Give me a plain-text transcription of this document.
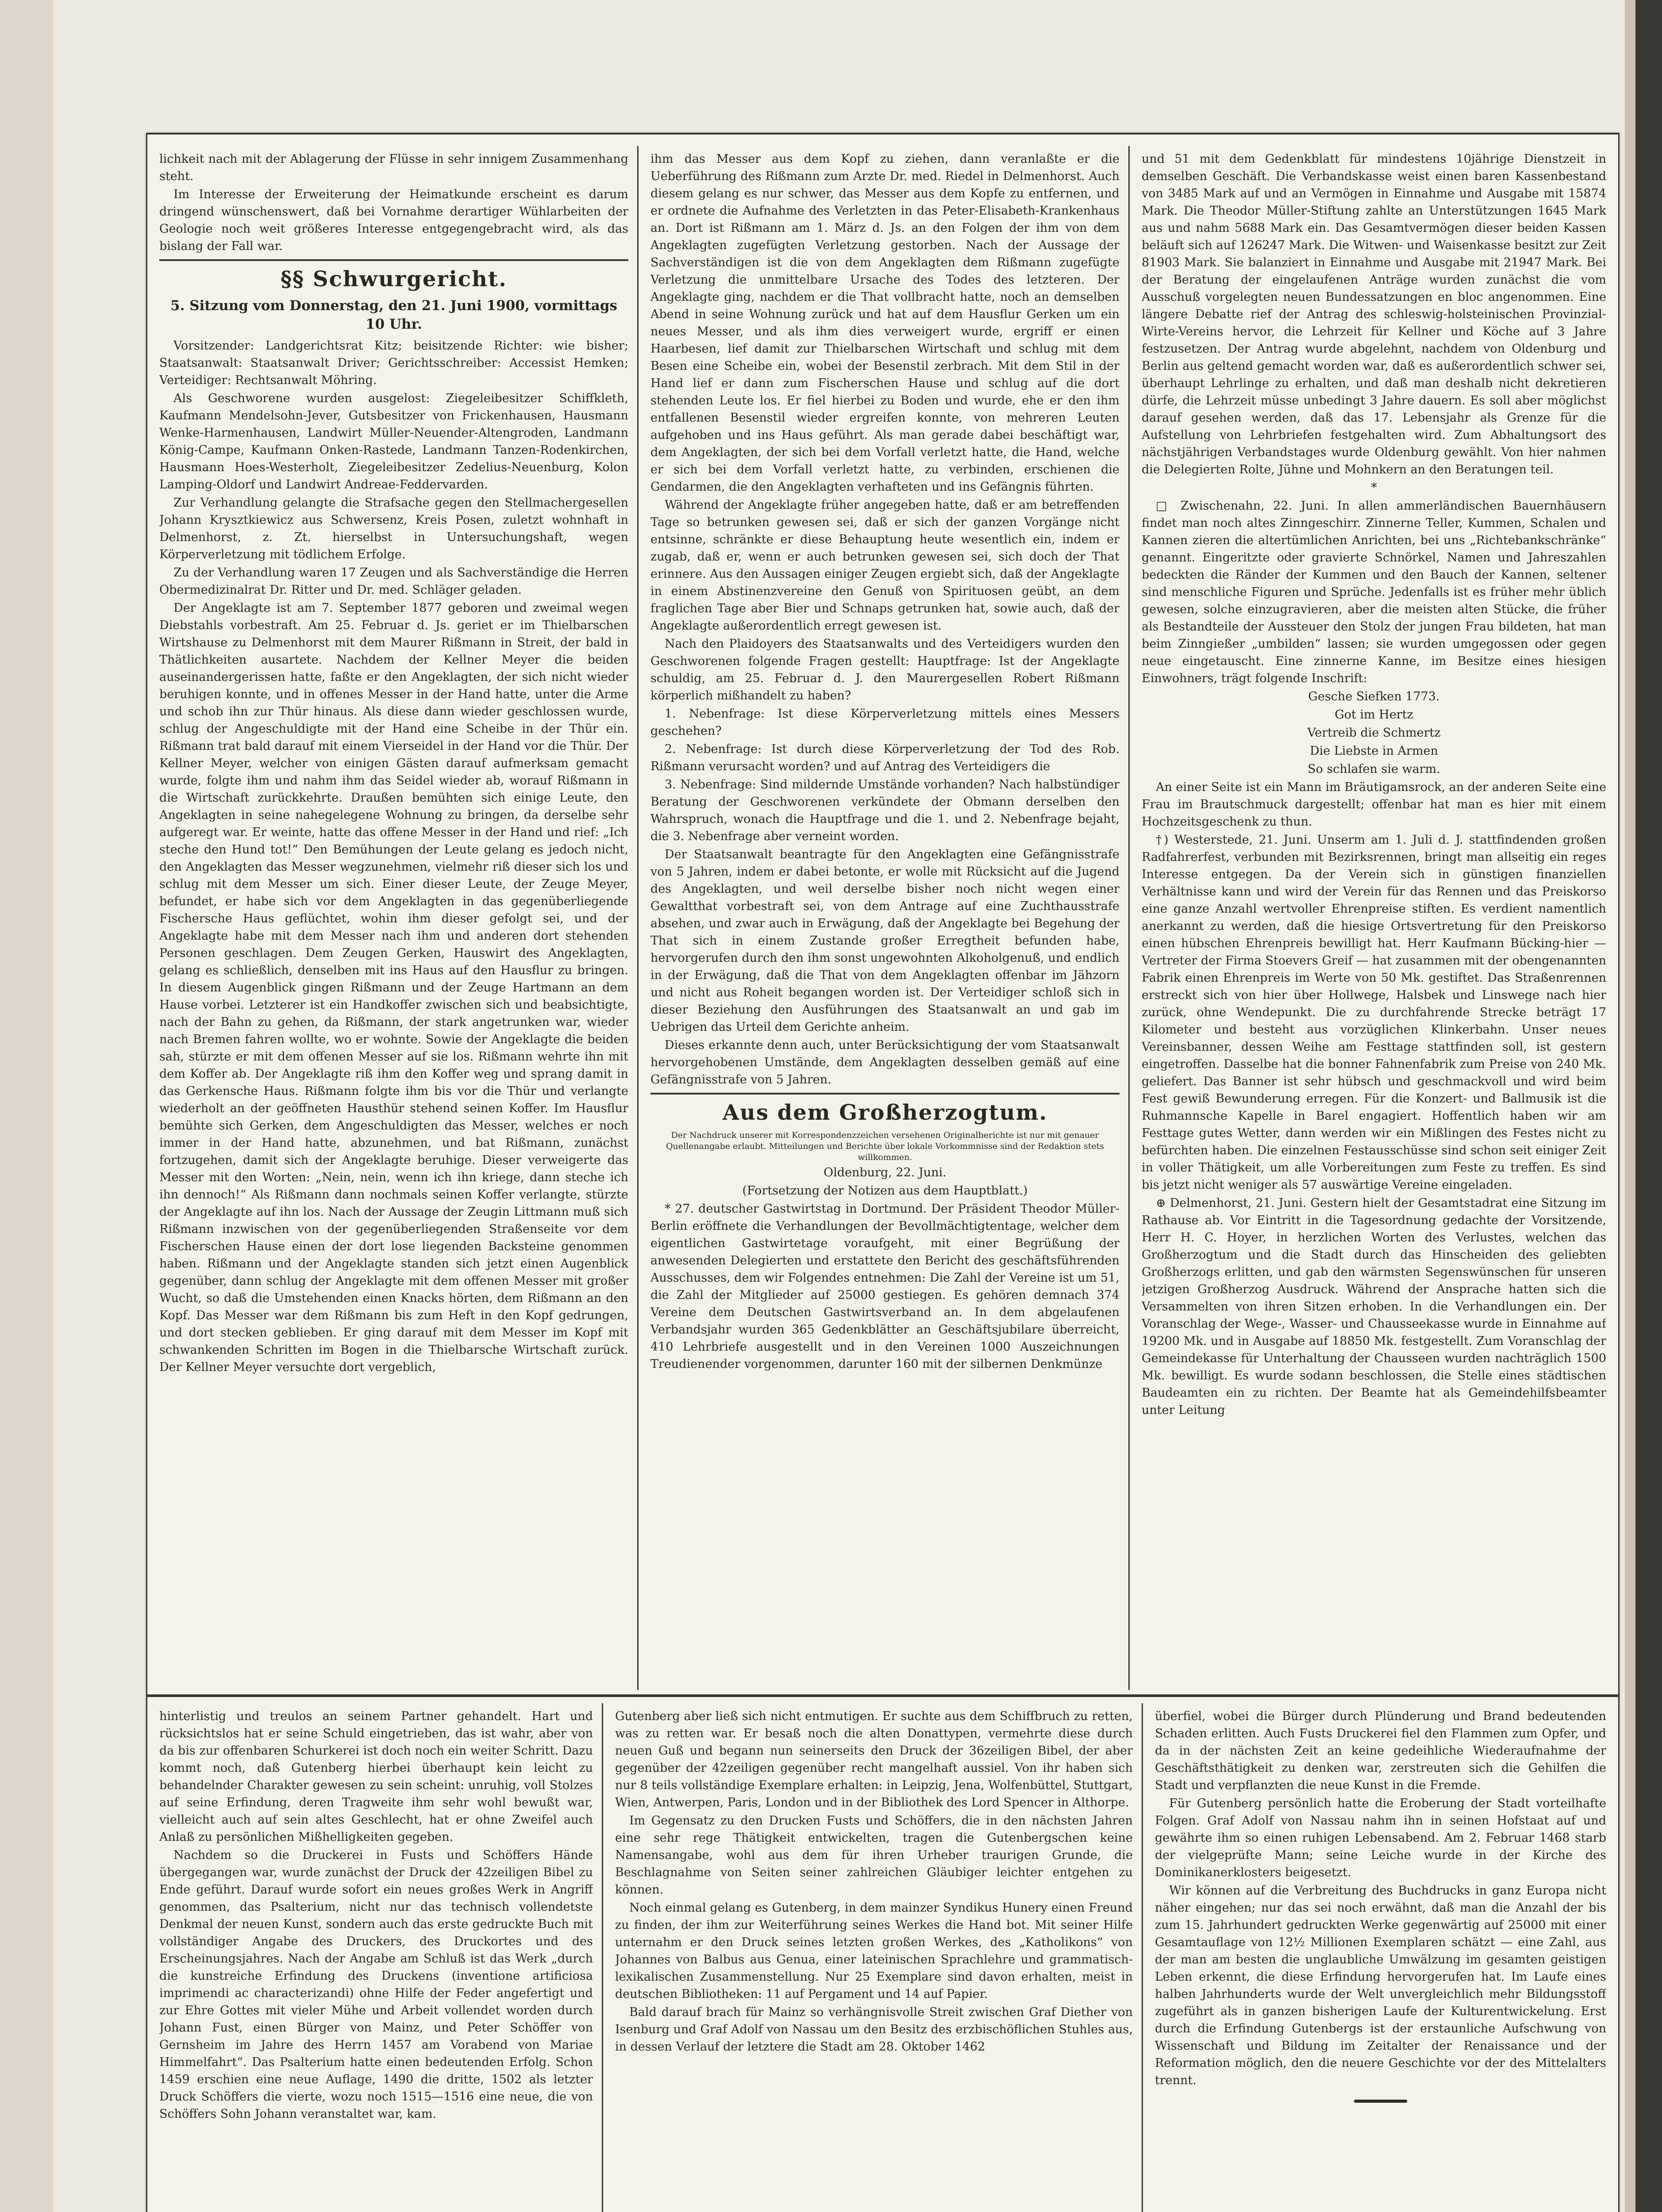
lichkeit nach mit der Ablagerung der Flüsse in sehr innigem Zusammenhang steht.

Im Interesse der Erweiterung der Heimatkunde erscheint es darum dringend wünschenswert, daß bei Vornahme derartiger Wühlarbeiten der Geologie noch weit größeres Interesse entgegengebracht wird, als das bislang der Fall war.

§§ Schwurgericht.
5. Sitzung vom Donnerstag, den 21. Juni 1900, vormittags 10 Uhr.

Vorsitzender: Landgerichtsrat Kitz; beisitzende Richter: wie bisher; Staatsanwalt: Staatsanwalt Driver; Gerichtsschreiber: Accessist Hemken; Verteidiger: Rechtsanwalt Möhring.

Als Geschworene wurden ausgelost: Ziegeleibesitzer Schiffkleth, Kaufmann Mendelsohn-Jever, Gutsbesitzer von Frickenhausen, Hausmann Wenke-Harmenhausen, Landwirt Müller-Neuender-Altengroden, Landmann König-Campe, Kaufmann Onken-Rastede, Landmann Tanzen-Rodenkirchen, Hausmann Hoes-Westerholt, Ziegeleibesitzer Zedelius-Neuenburg, Kolon Lamping-Oldorf und Landwirt Andreae-Feddervarden.

Zur Verhandlung gelangte die Strafsache gegen den Stellmachergesellen Johann Krysztkiewicz aus Schwersenz, Kreis Posen, zuletzt wohnhaft in Delmenhorst, z. Zt. hierselbst in Untersuchungshaft, wegen Körperverletzung mit tödlichem Erfolge.

Zu der Verhandlung waren 17 Zeugen und als Sachverständige die Herren Obermedizinalrat Dr. Ritter und Dr. med. Schläger geladen.

Der Angeklagte ist am 7. September 1877 geboren und zweimal wegen Diebstahls vorbestraft. Am 25. Februar d. Js. geriet er im Thielbarschen Wirtshause zu Delmenhorst mit dem Maurer Rißmann in Streit, der bald in Thätlichkeiten ausartete. Nachdem der Kellner Meyer die beiden auseinandergerissen hatte, faßte er den Angeklagten, der sich nicht wieder beruhigen konnte, und in offenes Messer in der Hand hatte, unter die Arme und schob ihn zur Thür hinaus. Als diese dann wieder geschlossen wurde, schlug der Angeschuldigte mit der Hand eine Scheibe in der Thür ein. Rißmann trat bald darauf mit einem Vierseidel in der Hand vor die Thür. Der Kellner Meyer, welcher von einigen Gästen darauf aufmerksam gemacht wurde, folgte ihm und nahm ihm das Seidel wieder ab, worauf Rißmann in die Wirtschaft zurückkehrte. Draußen bemühten sich einige Leute, den Angeklagten in seine nahegelegene Wohnung zu bringen, da derselbe sehr aufgeregt war. Er weinte, hatte das offene Messer in der Hand und rief: „Ich steche den Hund tot!“ Den Bemühungen der Leute gelang es jedoch nicht, den Angeklagten das Messer wegzunehmen, vielmehr riß dieser sich los und schlug mit dem Messer um sich. Einer dieser Leute, der Zeuge Meyer, befundet, er habe sich vor dem Angeklagten in das gegenüberliegende Fischersche Haus geflüchtet, wohin ihm dieser gefolgt sei, und der Angeklagte habe mit dem Messer nach ihm und anderen dort stehenden Personen geschlagen. Dem Zeugen Gerken, Hauswirt des Angeklagten, gelang es schließlich, denselben mit ins Haus auf den Hausflur zu bringen. In diesem Augenblick gingen Rißmann und der Zeuge Hartmann an dem Hause vorbei. Letzterer ist ein Handkoffer zwischen sich und beabsichtigte, nach der Bahn zu gehen, da Rißmann, der stark angetrunken war, wieder nach Bremen fahren wollte, wo er wohnte. Sowie der Angeklagte die beiden sah, stürzte er mit dem offenen Messer auf sie los. Rißmann wehrte ihn mit dem Koffer ab. Der Angeklagte riß ihm den Koffer weg und sprang damit in das Gerkensche Haus. Rißmann folgte ihm bis vor die Thür und verlangte wiederholt an der geöffneten Hausthür stehend seinen Koffer. Im Hausflur bemühte sich Gerken, dem Angeschuldigten das Messer, welches er noch immer in der Hand hatte, abzunehmen, und bat Rißmann, zunächst fortzugehen, damit sich der Angeklagte beruhige. Dieser verweigerte das Messer mit den Worten: „Nein, nein, wenn ich ihn kriege, dann steche ich ihn dennoch!“ Als Rißmann dann nochmals seinen Koffer verlangte, stürzte der Angeklagte auf ihn los. Nach der Aussage der Zeugin Littmann muß sich Rißmann inzwischen von der gegenüberliegenden Straßenseite vor dem Fischerschen Hause einen der dort lose liegenden Backsteine genommen haben. Rißmann und der Angeklagte standen sich jetzt einen Augenblick gegenüber, dann schlug der Angeklagte mit dem offenen Messer mit großer Wucht, so daß die Umstehenden einen Knacks hörten, dem Rißmann an den Kopf. Das Messer war dem Rißmann bis zum Heft in den Kopf gedrungen, und dort stecken geblieben. Er ging darauf mit dem Messer im Kopf mit schwankenden Schritten im Bogen in die Thielbarsche Wirtschaft zurück. Der Kellner Meyer versuchte dort vergeblich,

ihm das Messer aus dem Kopf zu ziehen, dann veranlaßte er die Ueberführung des Rißmann zum Arzte Dr. med. Riedel in Delmenhorst. Auch diesem gelang es nur schwer, das Messer aus dem Kopfe zu entfernen, und er ordnete die Aufnahme des Verletzten in das Peter-Elisabeth-Krankenhaus an. Dort ist Rißmann am 1. März d. Js. an den Folgen der ihm von dem Angeklagten zugefügten Verletzung gestorben. Nach der Aussage der Sachverständigen ist die von dem Angeklagten dem Rißmann zugefügte Verletzung die unmittelbare Ursache des Todes des letzteren. Der Angeklagte ging, nachdem er die That vollbracht hatte, noch an demselben Abend in seine Wohnung zurück und hat auf dem Hausflur Gerken um ein neues Messer, und als ihm dies verweigert wurde, ergriff er einen Haarbesen, lief damit zur Thielbarschen Wirtschaft und schlug mit dem Besen eine Scheibe ein, wobei der Besenstil zerbrach. Mit dem Stil in der Hand lief er dann zum Fischerschen Hause und schlug auf die dort stehenden Leute los. Er fiel hierbei zu Boden und wurde, ehe er den ihm entfallenen Besenstil wieder ergreifen konnte, von mehreren Leuten aufgehoben und ins Haus geführt. Als man gerade dabei beschäftigt war, dem Angeklagten, der sich bei dem Vorfall verletzt hatte, die Hand, welche er sich bei dem Vorfall verletzt hatte, zu verbinden, erschienen die Gendarmen, die den Angeklagten verhafteten und ins Gefängnis führten.

Während der Angeklagte früher angegeben hatte, daß er am betreffenden Tage so betrunken gewesen sei, daß er sich der ganzen Vorgänge nicht entsinne, schränkte er diese Behauptung heute wesentlich ein, indem er zugab, daß er, wenn er auch betrunken gewesen sei, sich doch der That erinnere. Aus den Aussagen einiger Zeugen ergiebt sich, daß der Angeklagte in einem Abstinenzvereine den Genuß von Spirituosen geübt, an dem fraglichen Tage aber Bier und Schnaps getrunken hat, sowie auch, daß der Angeklagte außerordentlich erregt gewesen ist.

Nach den Plaidoyers des Staatsanwalts und des Verteidigers wurden den Geschworenen folgende Fragen gestellt: Hauptfrage: Ist der Angeklagte schuldig, am 25. Februar d. J. den Maurergesellen Robert Rißmann körperlich mißhandelt zu haben?

1. Nebenfrage: Ist diese Körperverletzung mittels eines Messers geschehen?

2. Nebenfrage: Ist durch diese Körperverletzung der Tod des Rob. Rißmann verursacht worden? und auf Antrag des Verteidigers die

3. Nebenfrage: Sind mildernde Umstände vorhanden? Nach halbstündiger Beratung der Geschworenen verkündete der Obmann derselben den Wahrspruch, wonach die Hauptfrage und die 1. und 2. Nebenfrage bejaht, die 3. Nebenfrage aber verneint worden.

Der Staatsanwalt beantragte für den Angeklagten eine Gefängnisstrafe von 5 Jahren, indem er dabei betonte, er wolle mit Rücksicht auf die Jugend des Angeklagten, und weil derselbe bisher noch nicht wegen einer Gewaltthat vorbestraft sei, von dem Antrage auf eine Zuchthausstrafe absehen, und zwar auch in Erwägung, daß der Angeklagte bei Begehung der That sich in einem Zustande großer Erregtheit befunden habe, hervorgerufen durch den ihm sonst ungewohnten Alkoholgenuß, und endlich in der Erwägung, daß die That von dem Angeklagten offenbar im Jähzorn und nicht aus Roheit begangen worden ist. Der Verteidiger schloß sich in dieser Beziehung den Ausführungen des Staatsanwalt an und gab im Uebrigen das Urteil dem Gerichte anheim.

Dieses erkannte denn auch, unter Berücksichtigung der vom Staatsanwalt hervorgehobenen Umstände, dem Angeklagten desselben gemäß auf eine Gefängnisstrafe von 5 Jahren.

Aus dem Großherzogtum.

Der Nachdruck unserer mit Korrespondenzzeichen versehenen Originalberichte ist nur mit genauer Quellenangabe erlaubt. Mitteilungen und Berichte über lokale Vorkommnisse sind der Redaktion stets willkommen.

Oldenburg, 22. Juni.

(Fortsetzung der Notizen aus dem Hauptblatt.)

* 27. deutscher Gastwirtstag in Dortmund. Der Präsident Theodor Müller-Berlin eröffnete die Verhandlungen der Bevollmächtigtentage, welcher dem eigentlichen Gastwirtetage voraufgeht, mit einer Begrüßung der anwesenden Delegierten und erstattete den Bericht des geschäftsführenden Ausschusses, dem wir Folgendes entnehmen: Die Zahl der Vereine ist um 51, die Zahl der Mitglieder auf 25000 gestiegen. Es gehören demnach 374 Vereine dem Deutschen Gastwirtsverband an. In dem abgelaufenen Verbandsjahr wurden 365 Gedenkblätter an Geschäftsjubilare überreicht, 410 Lehrbriefe ausgestellt und in den Vereinen 1000 Auszeichnungen Treudienender vorgenommen, darunter 160 mit der silbernen Denkmünze

und 51 mit dem Gedenkblatt für mindestens 10jährige Dienstzeit in demselben Geschäft. Die Verbandskasse weist einen baren Kassenbestand von 3485 Mark auf und an Vermögen in Einnahme und Ausgabe mit 15874 Mark. Die Theodor Müller-Stiftung zahlte an Unterstützungen 1645 Mark aus und nahm 5688 Mark ein. Das Gesamtvermögen dieser beiden Kassen beläuft sich auf 126247 Mark. Die Witwen- und Waisenkasse besitzt zur Zeit 81903 Mark. Sie balanziert in Einnahme und Ausgabe mit 21947 Mark. Bei der Beratung der eingelaufenen Anträge wurden zunächst die vom Ausschuß vorgelegten neuen Bundessatzungen en bloc angenommen. Eine längere Debatte rief der Antrag des schleswig-holsteinischen Provinzial-Wirte-Vereins hervor, die Lehrzeit für Kellner und Köche auf 3 Jahre festzusetzen. Der Antrag wurde abgelehnt, nachdem von Oldenburg und Berlin aus geltend gemacht worden war, daß es außerordentlich schwer sei, überhaupt Lehrlinge zu erhalten, und daß man deshalb nicht dekretieren dürfe, die Lehrzeit müsse unbedingt 3 Jahre dauern. Es soll aber möglichst darauf gesehen werden, daß das 17. Lebensjahr als Grenze für die Aufstellung von Lehrbriefen festgehalten wird. Zum Abhaltungsort des nächstjährigen Verbandstages wurde Oldenburg gewählt. Von hier nahmen die Delegierten Rolte, Jühne und Mohnkern an den Beratungen teil.

*

□ Zwischenahn, 22. Juni. In allen ammerländischen Bauernhäusern findet man noch altes Zinngeschirr. Zinnerne Teller, Kummen, Schalen und Kannen zieren die altertümlichen Anrichten, bei uns „Richtebankschränke“ genannt. Eingeritzte oder gravierte Schnörkel, Namen und Jahreszahlen bedeckten die Ränder der Kummen und den Bauch der Kannen, seltener sind menschliche Figuren und Sprüche. Jedenfalls ist es früher mehr üblich gewesen, solche einzugravieren, aber die meisten alten Stücke, die früher als Bestandteile der Aussteuer den Stolz der jungen Frau bildeten, hat man beim Zinngießer „umbilden“ lassen; sie wurden umgegossen oder gegen neue eingetauscht. Eine zinnerne Kanne, im Besitze eines hiesigen Einwohners, trägt folgende Inschrift:

Gesche Siefken 1773.

Got im Hertz

Vertreib die Schmertz

Die Liebste in Armen

So schlafen sie warm.

An einer Seite ist ein Mann im Bräutigamsrock, an der anderen Seite eine Frau im Brautschmuck dargestellt; offenbar hat man es hier mit einem Hochzeitsgeschenk zu thun.

†) Westerstede, 21. Juni. Unserm am 1. Juli d. J. stattfindenden großen Radfahrerfest, verbunden mit Bezirksrennen, bringt man allseitig ein reges Interesse entgegen. Da der Verein sich in günstigen finanziellen Verhältnisse kann und wird der Verein für das Rennen und das Preiskorso eine ganze Anzahl wertvoller Ehrenpreise stiften. Es verdient namentlich anerkannt zu werden, daß die hiesige Ortsvertretung für den Preiskorso einen hübschen Ehrenpreis bewilligt hat. Herr Kaufmann Bücking-hier — Vertreter der Firma Stoevers Greif — hat zusammen mit der obengenannten Fabrik einen Ehrenpreis im Werte von 50 Mk. gestiftet. Das Straßenrennen erstreckt sich von hier über Hollwege, Halsbek und Linswege nach hier zurück, ohne Wendepunkt. Die zu durchfahrende Strecke beträgt 17 Kilometer und besteht aus vorzüglichen Klinkerbahn. Unser neues Vereinsbanner, dessen Weihe am Festtage stattfinden soll, ist gestern eingetroffen. Dasselbe hat die bonner Fahnenfabrik zum Preise von 240 Mk. geliefert. Das Banner ist sehr hübsch und geschmackvoll und wird beim Fest gewiß Bewunderung erregen. Für die Konzert- und Ballmusik ist die Ruhmannsche Kapelle in Barel engagiert. Hoffentlich haben wir am Festtage gutes Wetter, dann werden wir ein Mißlingen des Festes nicht zu befürchten haben. Die einzelnen Festausschüsse sind schon seit einiger Zeit in voller Thätigkeit, um alle Vorbereitungen zum Feste zu treffen. Es sind bis jetzt nicht weniger als 57 auswärtige Vereine eingeladen.

⊕ Delmenhorst, 21. Juni. Gestern hielt der Gesamtstadrat eine Sitzung im Rathause ab. Vor Eintritt in die Tagesordnung gedachte der Vorsitzende, Herr H. C. Hoyer, in herzlichen Worten des Verlustes, welchen das Großherzogtum und die Stadt durch das Hinscheiden des geliebten Großherzogs erlitten, und gab den wärmsten Segenswünschen für unseren jetzigen Großherzog Ausdruck. Während der Ansprache hatten sich die Versammelten von ihren Sitzen erhoben. In die Verhandlungen ein. Der Voranschlag der Wege-, Wasser- und Chausseekasse wurde in Einnahme auf 19200 Mk. und in Ausgabe auf 18850 Mk. festgestellt. Zum Voranschlag der Gemeindekasse für Unterhaltung der Chausseen wurden nachträglich 1500 Mk. bewilligt. Es wurde sodann beschlossen, die Stelle eines städtischen Baudeamten ein zu richten. Der Beamte hat als Gemeindehilfsbeamter unter Leitung

hinterlistig und treulos an seinem Partner gehandelt. Hart und rücksichtslos hat er seine Schuld eingetrieben, das ist wahr, aber von da bis zur offenbaren Schurkerei ist doch noch ein weiter Schritt. Dazu kommt noch, daß Gutenberg hierbei überhaupt kein leicht zu behandelnder Charakter gewesen zu sein scheint: unruhig, voll Stolzes auf seine Erfindung, deren Tragweite ihm sehr wohl bewußt war, vielleicht auch auf sein altes Geschlecht, hat er ohne Zweifel auch Anlaß zu persönlichen Mißhelligkeiten gegeben.

Nachdem so die Druckerei in Fusts und Schöffers Hände übergegangen war, wurde zunächst der Druck der 42zeiligen Bibel zu Ende geführt. Darauf wurde sofort ein neues großes Werk in Angriff genommen, das Psalterium, nicht nur das technisch vollendetste Denkmal der neuen Kunst, sondern auch das erste gedruckte Buch mit vollständiger Angabe des Druckers, des Druckortes und des Erscheinungsjahres. Nach der Angabe am Schluß ist das Werk „durch die kunstreiche Erfindung des Druckens (inventione artificiosa imprimendi ac characterizandi) ohne Hilfe der Feder angefertigt und zur Ehre Gottes mit vieler Mühe und Arbeit vollendet worden durch Johann Fust, einen Bürger von Mainz, und Peter Schöffer von Gernsheim im Jahre des Herrn 1457 am Vorabend von Mariae Himmelfahrt“. Das Psalterium hatte einen bedeutenden Erfolg. Schon 1459 erschien eine neue Auflage, 1490 die dritte, 1502 als letzter Druck Schöffers die vierte, wozu noch 1515—1516 eine neue, die von Schöffers Sohn Johann veranstaltet war, kam.

Gutenberg aber ließ sich nicht entmutigen. Er suchte aus dem Schiffbruch zu retten, was zu retten war. Er besaß noch die alten Donattypen, vermehrte diese durch neuen Guß und begann nun seinerseits den Druck der 36zeiligen Bibel, der aber gegenüber der 42zeiligen gegenüber recht mangelhaft aussiel. Von ihr haben sich nur 8 teils vollständige Exemplare erhalten: in Leipzig, Jena, Wolfenbüttel, Stuttgart, Wien, Antwerpen, Paris, London und in der Bibliothek des Lord Spencer in Althorpe.

Im Gegensatz zu den Drucken Fusts und Schöffers, die in den nächsten Jahren eine sehr rege Thätigkeit entwickelten, tragen die Gutenbergschen keine Namensangabe, wohl aus dem für ihren Urheber traurigen Grunde, die Beschlagnahme von Seiten seiner zahlreichen Gläubiger leichter entgehen zu können.

Noch einmal gelang es Gutenberg, in dem mainzer Syndikus Hunery einen Freund zu finden, der ihm zur Weiterführung seines Werkes die Hand bot. Mit seiner Hilfe unternahm er den Druck seines letzten großen Werkes, des „Katholikons“ von Johannes von Balbus aus Genua, einer lateinischen Sprachlehre und grammatisch-lexikalischen Zusammenstellung. Nur 25 Exemplare sind davon erhalten, meist in deutschen Bibliotheken: 11 auf Pergament und 14 auf Papier.

Bald darauf brach für Mainz so verhängnisvolle Streit zwischen Graf Diether von Isenburg und Graf Adolf von Nassau um den Besitz des erzbischöflichen Stuhles aus, in dessen Verlauf der letztere die Stadt am 28. Oktober 1462

überfiel, wobei die Bürger durch Plünderung und Brand bedeutenden Schaden erlitten. Auch Fusts Druckerei fiel den Flammen zum Opfer, und da in der nächsten Zeit an keine gedeihliche Wiederaufnahme der Geschäftsthätigkeit zu denken war, zerstreuten sich die Gehilfen die Stadt und verpflanzten die neue Kunst in die Fremde.

Für Gutenberg persönlich hatte die Eroberung der Stadt vorteilhafte Folgen. Graf Adolf von Nassau nahm ihn in seinen Hofstaat auf und gewährte ihm so einen ruhigen Lebensabend. Am 2. Februar 1468 starb der vielgeprüfte Mann; seine Leiche wurde in der Kirche des Dominikanerklosters beigesetzt.

Wir können auf die Verbreitung des Buchdrucks in ganz Europa nicht näher eingehen; nur das sei noch erwähnt, daß man die Anzahl der bis zum 15. Jahrhundert gedruckten Werke gegenwärtig auf 25000 mit einer Gesamtauflage von 12½ Millionen Exemplaren schätzt — eine Zahl, aus der man am besten die unglaubliche Umwälzung im gesamten geistigen Leben erkennt, die diese Erfindung hervorgerufen hat. Im Laufe eines halben Jahrhunderts wurde der Welt unvergleichlich mehr Bildungsstoff zugeführt als in ganzen bisherigen Laufe der Kulturentwickelung. Erst durch die Erfindung Gutenbergs ist der erstaunliche Aufschwung von Wissenschaft und Bildung im Zeitalter der Renaissance und der Reformation möglich, den die neuere Geschichte vor der des Mittelalters trennt.
